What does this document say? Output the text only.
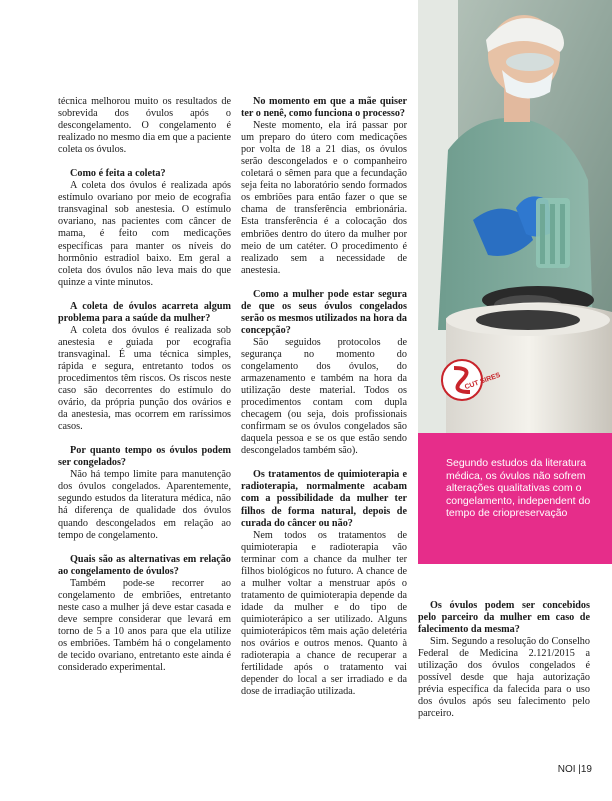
técnica melhorou muito os resultados de sobrevida dos óvulos após o descongelamento. O congelamento é realizado no mesmo dia em que a paciente coleta os óvulos.

Como é feita a coleta?

A coleta dos óvulos é realizada após estímulo ovariano por meio de ecografia transvaginal sob anestesia. O estímulo ovariano, nas pacientes com câncer de mama, é feito com medicações específicas para manter os níveis do hormônio estradiol baixo. Em geral a coleta dos óvulos não leva mais do que quinze a vinte minutos.

A coleta de óvulos acarreta algum problema para a saúde da mulher?

A coleta dos óvulos é realizada sob anestesia e guiada por ecografia transvaginal. É uma técnica simples, rápida e segura, entretanto todos os procedimentos têm riscos. Os riscos neste caso são decorrentes do estímulo do ovário, da própria punção dos ovários e da anestesia, mas ocorrem em raríssimos casos.

Por quanto tempo os óvulos podem ser congelados?

Não há tempo limite para manutenção dos óvulos congelados. Aparentemente, segundo estudos da literatura médica, não há diferença de qualidade dos óvulos quando descongelados em relação ao tempo de congelamento.

Quais são as alternativas em relação ao congelamento de óvulos?

Também pode-se recorrer ao congelamento de embriões, entretanto neste caso a mulher já deve estar casada e deve sempre considerar que levará em torno de 5 a 10 anos para que ela utilize os embriões. Também há o congelamento de tecido ovariano, entretanto este ainda é considerado experimental.

No momento em que a mãe quiser ter o nenê, como funciona o processo?

Neste momento, ela irá passar por um preparo do útero com medicações por volta de 18 a 21 dias, os óvulos serão descongelados e o companheiro coletará o sêmen para que a fecundação seja feita no laboratório sendo formados os embriões para então fazer o que se chama de transferência embrionária. Esta transferência é a colocação dos embriões dentro do útero da mulher por meio de um catéter. O procedimento é realizado sem a necessidade de anestesia.

Como a mulher pode estar segura de que os seus óvulos congelados serão os mesmos utilizados na hora da concepção?

São seguidos protocolos de segurança no momento do congelamento dos óvulos, do armazenamento e também na hora da utilização deste material. Todos os procedimentos contam com dupla checagem (ou seja, dois profissionais confirmam se os óvulos congelados são daquela pessoa e se os que estão sendo descongelados também são).

Os tratamentos de quimioterapia e radioterapia, normalmente acabam com a possibilidade da mulher ter filhos de forma natural, depois de curada do câncer ou não?

Nem todos os tratamentos de quimioterapia e radioterapia vão terminar com a chance da mulher ter filhos biológicos no futuro. A chance de a mulher voltar a menstruar após o tratamento de quimioterapia depende da idade da mulher e do tipo de quimioterápico a ser utilizado. Alguns quimioterápicos têm mais ação deletéria nos ovários e outros menos. Quanto à radioterapia a chance de recuperar a fertilidade após o tratamento vai depender do local a ser irradiado e da dose de irradiação utilizada.

CUT SIRES
Segundo estudos da literatura médica, os óvulos não sofrem alterações qualitativas com o congelamento, independent do tempo de criopreservação
Os óvulos podem ser concebidos pelo parceiro da mulher em caso de falecimento da mesma?

Sim. Segundo a resolução do Conselho Federal de Medicina 2.121/2015 a utilização dos óvulos congelados é possível desde que haja autorização prévia específica da falecida para o uso dos óvulos após seu falecimento pelo parceiro.

NOI |19
